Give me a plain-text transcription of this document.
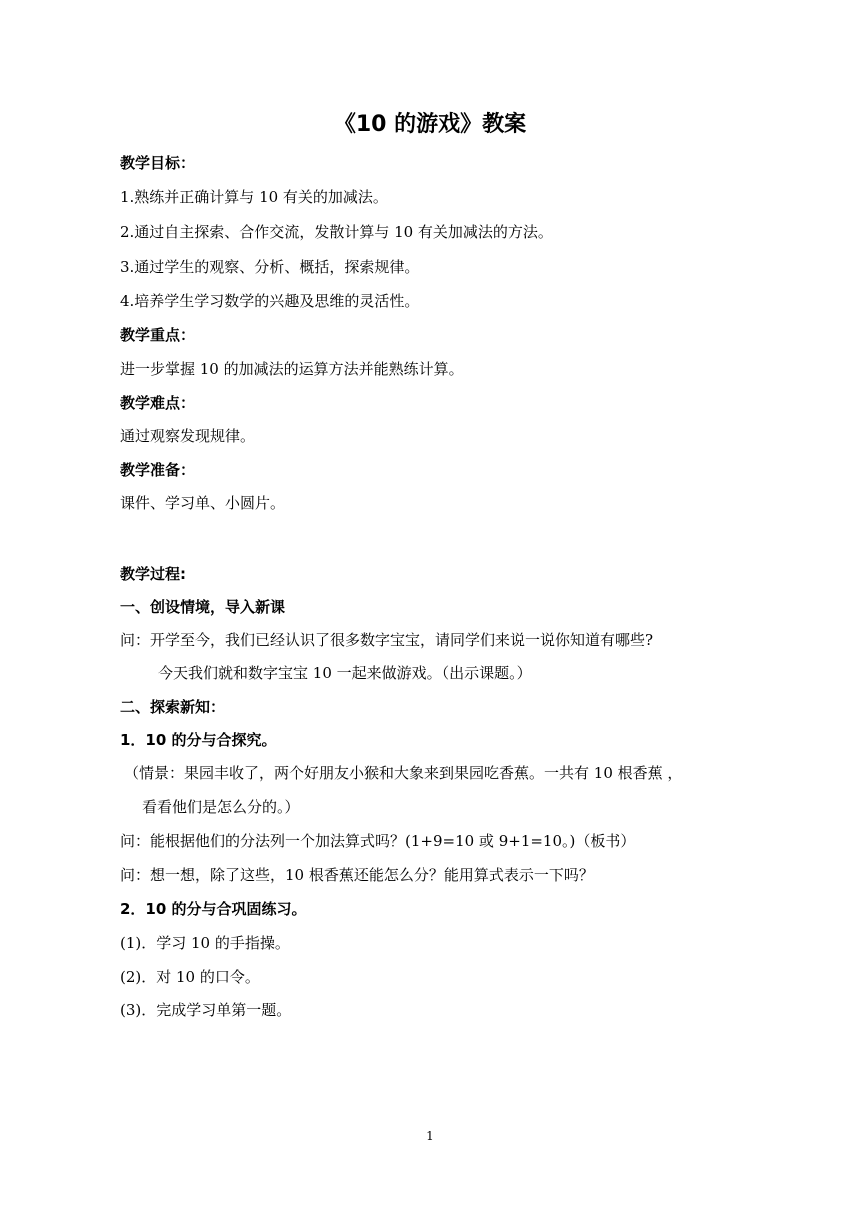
《10 的游戏》教案
教学目标：
1.熟练并正确计算与 10 有关的加减法。
2.通过自主探索、合作交流，发散计算与 10 有关加减法的方法。
3.通过学生的观察、分析、概括，探索规律。
4.培养学生学习数学的兴趣及思维的灵活性。
教学重点：
进一步掌握 10 的加减法的运算方法并能熟练计算。
教学难点：
通过观察发现规律。
教学准备：
课件、学习单、小圆片。
教学过程:
一、创设情境，导入新课
问：开学至今，我们已经认识了很多数字宝宝，请同学们来说一说你知道有哪些?
今天我们就和数字宝宝 10 一起来做游戏。（出示课题。）
二、探索新知：
1．10 的分与合探究。
（情景：果园丰收了，两个好朋友小猴和大象来到果园吃香蕉。一共有 10 根香蕉 ，
看看他们是怎么分的。）
问：能根据他们的分法列一个加法算式吗？(1+9=10 或 9+1=10。)（板书）
问：想一想，除了这些，10 根香蕉还能怎么分？能用算式表示一下吗？
2．10 的分与合巩固练习。
(1)．学习 10 的手指操。
(2)．对 10 的口令。
(3)．完成学习单第一题。
1
